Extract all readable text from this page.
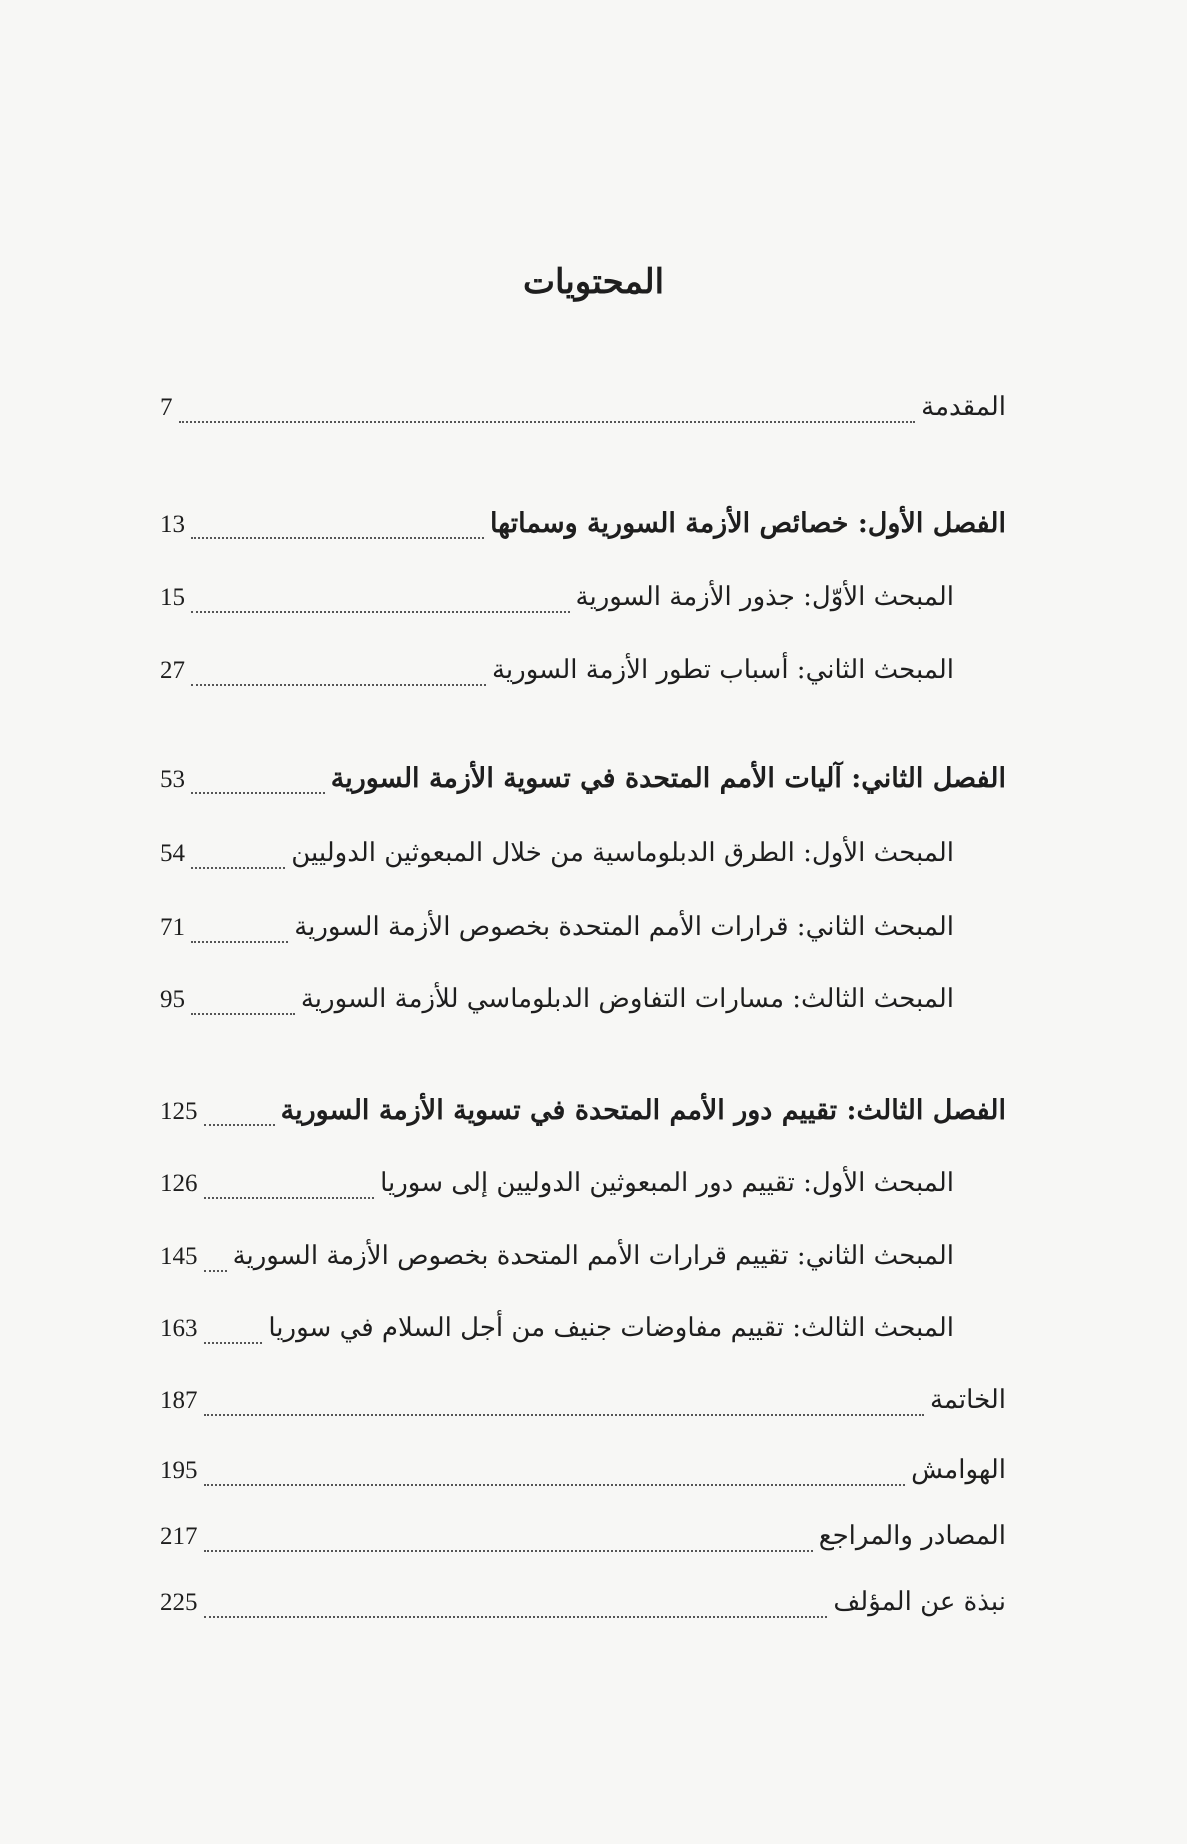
المحتويات
المقدمة
7
الفصل الأول: خصائص الأزمة السورية وسماتها
13
المبحث الأوّل: جذور الأزمة السورية
15
المبحث الثاني: أسباب تطور الأزمة السورية
27
الفصل الثاني: آليات الأمم المتحدة في تسوية الأزمة السورية
53
المبحث الأول: الطرق الدبلوماسية من خلال المبعوثين الدوليين
54
المبحث الثاني: قرارات الأمم المتحدة بخصوص الأزمة السورية
71
المبحث الثالث: مسارات التفاوض الدبلوماسي للأزمة السورية
95
الفصل الثالث: تقييم دور الأمم المتحدة في تسوية الأزمة السورية
125
المبحث الأول: تقييم دور المبعوثين الدوليين إلى سوريا
126
المبحث الثاني: تقييم قرارات الأمم المتحدة بخصوص الأزمة السورية
145
المبحث الثالث: تقييم مفاوضات جنيف من أجل السلام في سوريا
163
الخاتمة
187
الهوامش
195
المصادر والمراجع
217
نبذة عن المؤلف
225
